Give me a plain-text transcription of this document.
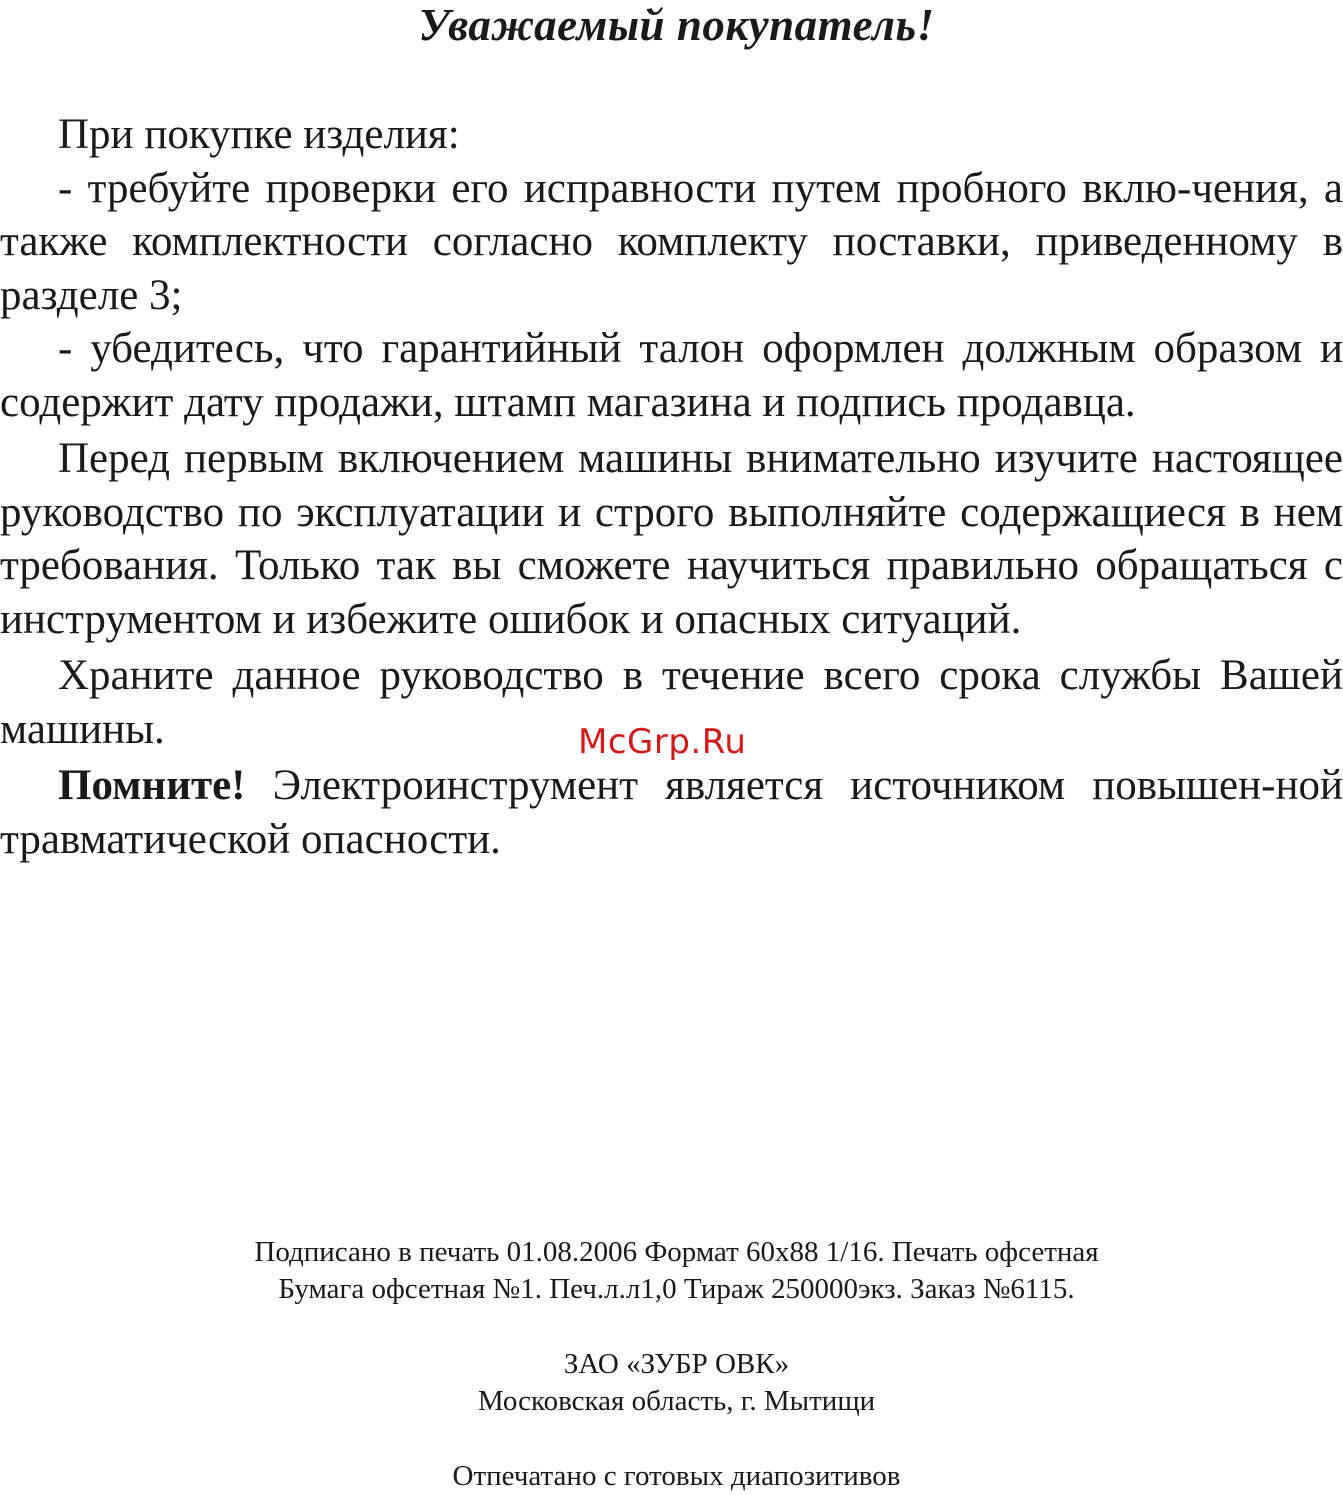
Уважаемый покупатель!

При покупке изделия:

- требуйте проверки его исправности путем пробного вклю-чения, а также комплектности согласно комплекту поставки, приведенному в разделе 3;

- убедитесь, что гарантийный талон оформлен должным образом и содержит дату продажи, штамп магазина и подпись продавца.

Перед первым включением машины внимательно изучите настоящее руководство по эксплуатации и строго выполняйте содержащиеся в нем требования. Только так вы сможете научиться правильно обращаться с инструментом и избежите ошибок и опасных ситуаций.

Храните данное руководство в течение всего срока службы Вашей машины.

Помните! Электроинструмент является источником повышен-ной травматической опасности.

McGrp.Ru

Подписано в печать 01.08.2006 Формат 60x88 1/16. Печать офсетная

Бумага офсетная №1. Печ.л.л1,0 Тираж 250000экз. Заказ №6115.

ЗАО «ЗУБР ОВК»

Московская область, г. Мытищи

Отпечатано с готовых диапозитивов
